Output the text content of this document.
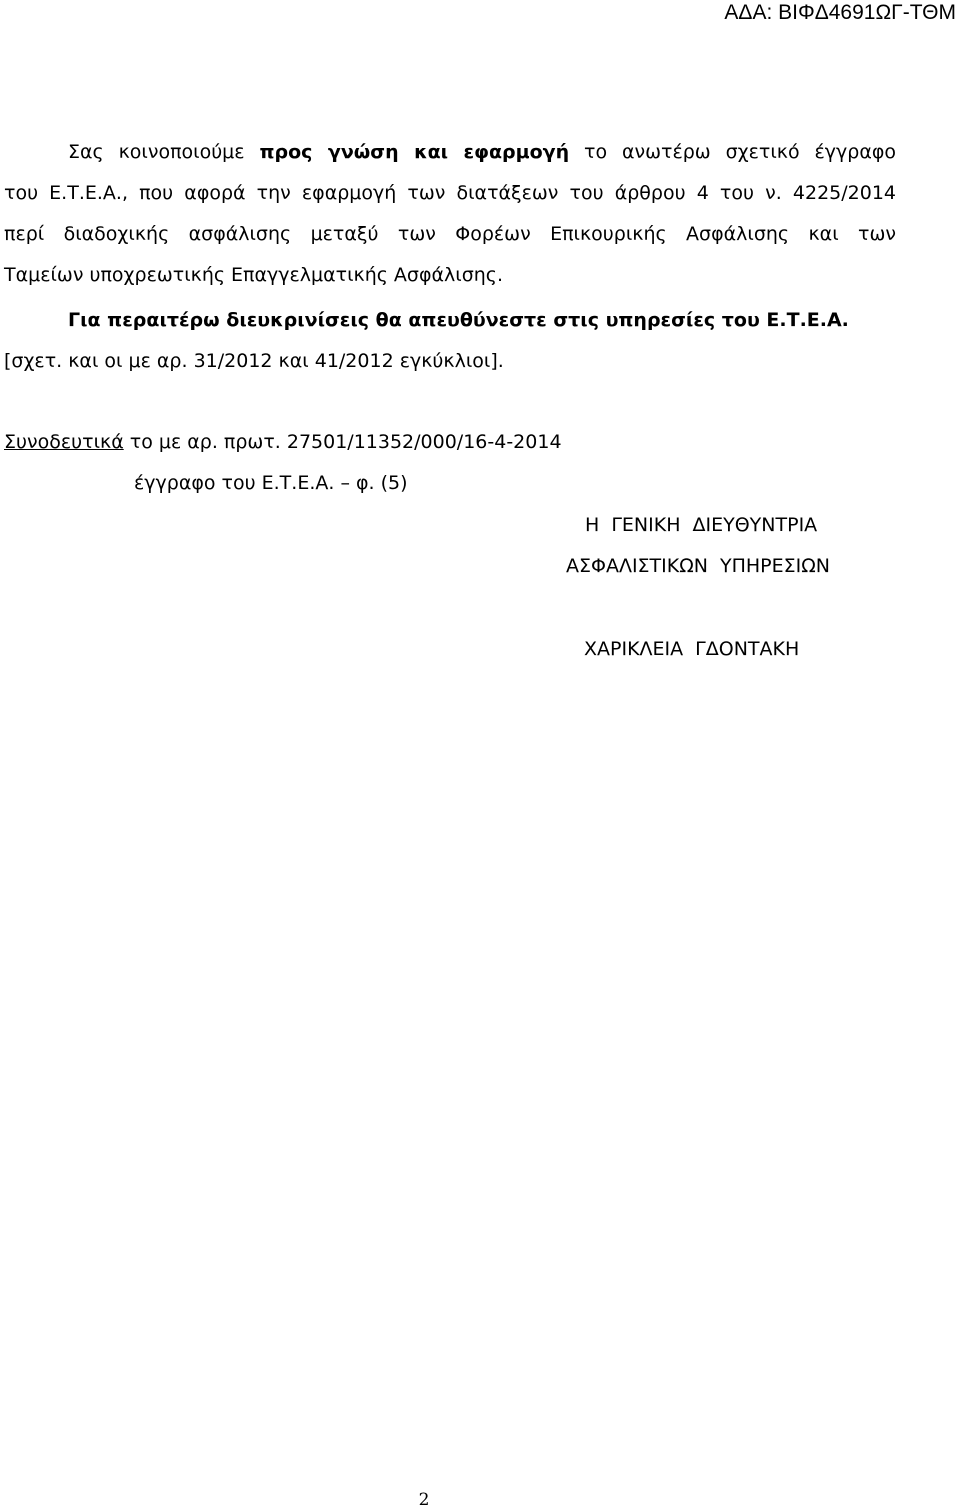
ΑΔΑ: ΒΙΦΔ4691ΩΓ-ΤΘΜ
Σας κοινοποιούμε προς γνώση και εφαρμογή το ανωτέρω σχετικό έγγραφο
του Ε.Τ.Ε.Α., που αφορά την εφαρμογή των διατάξεων του άρθρου 4 του ν. 4225/2014
περί διαδοχικής ασφάλισης μεταξύ των Φορέων Επικουρικής Ασφάλισης και των
Ταμείων υποχρεωτικής Επαγγελματικής Ασφάλισης.
Για περαιτέρω διευκρινίσεις θα απευθύνεστε στις υπηρεσίες του Ε.Τ.Ε.Α.
[σχετ. και οι με αρ. 31/2012 και 41/2012 εγκύκλιοι].
Συνοδευτικά το με αρ. πρωτ. 27501/11352/000/16-4-2014
έγγραφο του Ε.Τ.Ε.Α. – φ. (5)
Η ΓΕΝΙΚΗ ΔΙΕΥΘΥΝΤΡΙΑ
ΑΣΦΑΛΙΣΤΙΚΩΝ ΥΠΗΡΕΣΙΩΝ
ΧΑΡΙΚΛΕΙΑ ΓΔΟΝΤΑΚΗ
2
